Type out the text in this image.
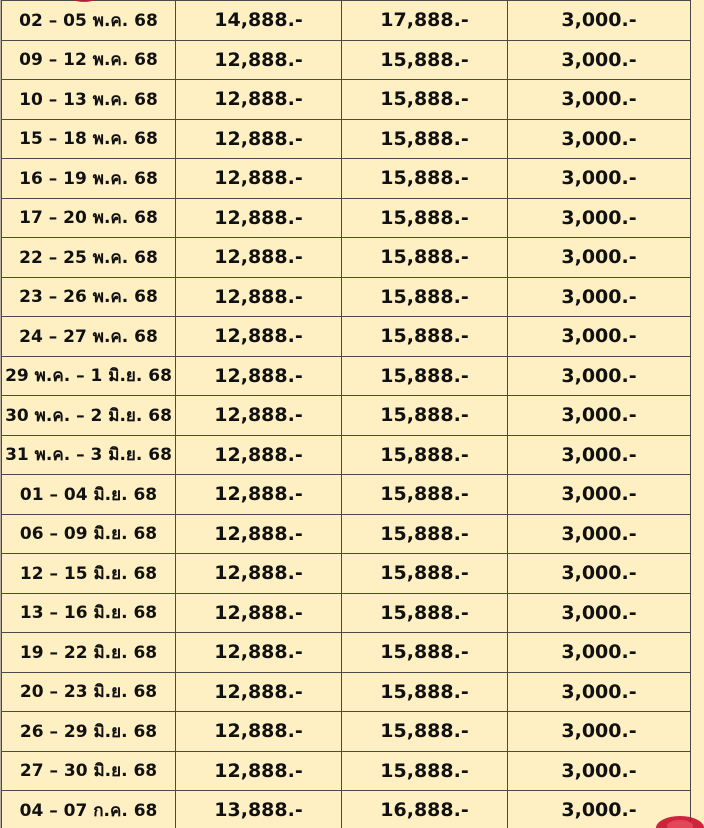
02 – 05 พ.ค. 68	14,888.-	17,888.-	3,000.-
09 – 12 พ.ค. 68	12,888.-	15,888.-	3,000.-
10 – 13 พ.ค. 68	12,888.-	15,888.-	3,000.-
15 – 18 พ.ค. 68	12,888.-	15,888.-	3,000.-
16 – 19 พ.ค. 68	12,888.-	15,888.-	3,000.-
17 – 20 พ.ค. 68	12,888.-	15,888.-	3,000.-
22 – 25 พ.ค. 68	12,888.-	15,888.-	3,000.-
23 – 26 พ.ค. 68	12,888.-	15,888.-	3,000.-
24 – 27 พ.ค. 68	12,888.-	15,888.-	3,000.-
29 พ.ค. – 1 มิ.ย. 68	12,888.-	15,888.-	3,000.-
30 พ.ค. – 2 มิ.ย. 68	12,888.-	15,888.-	3,000.-
31 พ.ค. – 3 มิ.ย. 68	12,888.-	15,888.-	3,000.-
01 – 04 มิ.ย. 68	12,888.-	15,888.-	3,000.-
06 – 09 มิ.ย. 68	12,888.-	15,888.-	3,000.-
12 – 15 มิ.ย. 68	12,888.-	15,888.-	3,000.-
13 – 16 มิ.ย. 68	12,888.-	15,888.-	3,000.-
19 – 22 มิ.ย. 68	12,888.-	15,888.-	3,000.-
20 – 23 มิ.ย. 68	12,888.-	15,888.-	3,000.-
26 – 29 มิ.ย. 68	12,888.-	15,888.-	3,000.-
27 – 30 มิ.ย. 68	12,888.-	15,888.-	3,000.-
04 – 07 ก.ค. 68	13,888.-	16,888.-	3,000.-
